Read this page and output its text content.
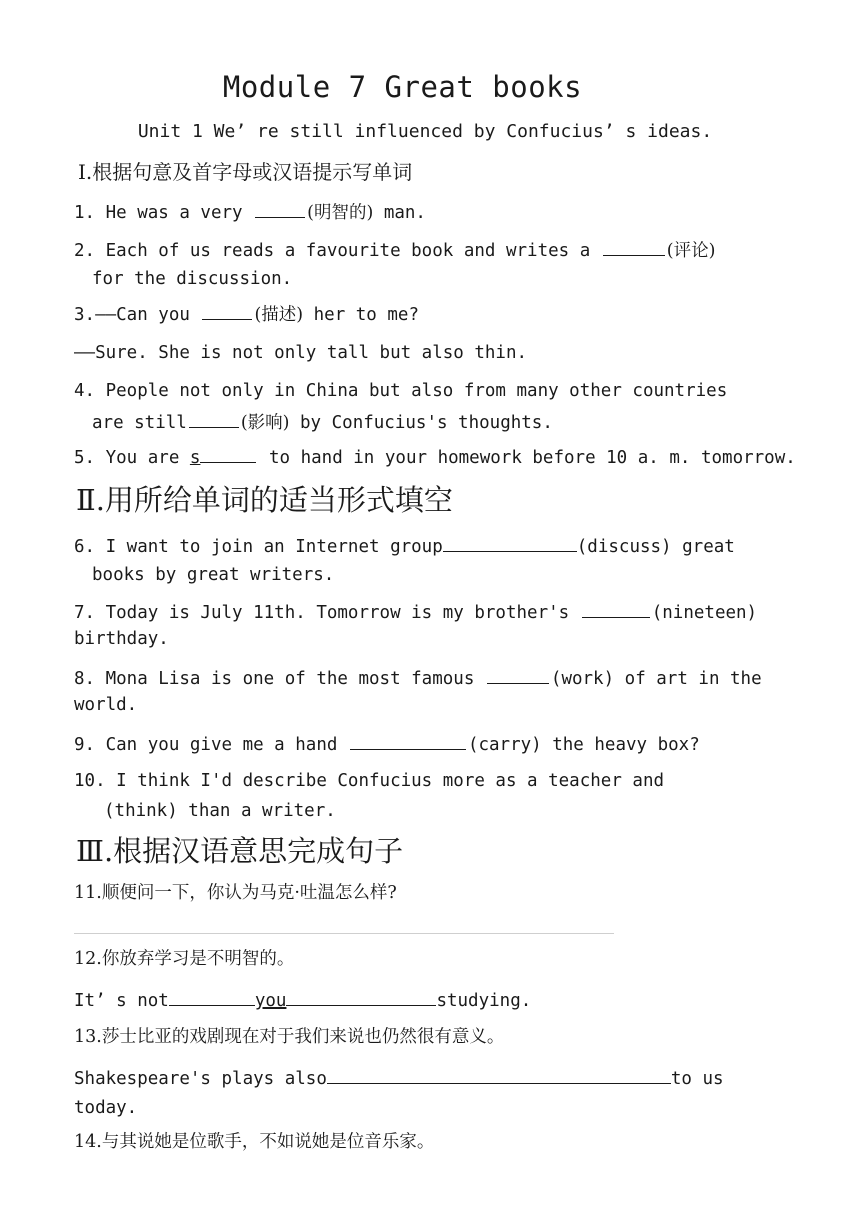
Module 7 Great books
Unit 1 We’ re still influenced by Confucius’ s ideas.
Ⅰ.根据句意及首字母或汉语提示写单词
1. He was a very	(明智的) man.
2. Each of us reads a favourite book and writes a	(评论)
for the discussion.
3.——Can you	(描述) her to me?
——Sure. She is not only tall but also thin.
4. People not only in China but also from many other countries
are still	(影响) by Confucius's thoughts.
5. You are s	to hand in your homework before 10 a. m. tomorrow.
Ⅱ.用所给单词的适当形式填空
6. I want to join an Internet group	(discuss) great
books by great writers.
7. Today is July 11th. Tomorrow is my brother's	(nineteen)
birthday.
8. Mona Lisa is one of the most famous	(work) of art in the
world.
9. Can you give me a hand	(carry) the heavy box?
10. I think I'd describe Confucius more as a teacher and
(think) than a writer.
Ⅲ.根据汉语意思完成句子
11.顺便问一下，你认为马克·吐温怎么样?
12.你放弃学习是不明智的。
It’ s not	you	studying.
13.莎士比亚的戏剧现在对于我们来说也仍然很有意义。
Shakespeare's plays also	to us
today.
14.与其说她是位歌手，不如说她是位音乐家。
